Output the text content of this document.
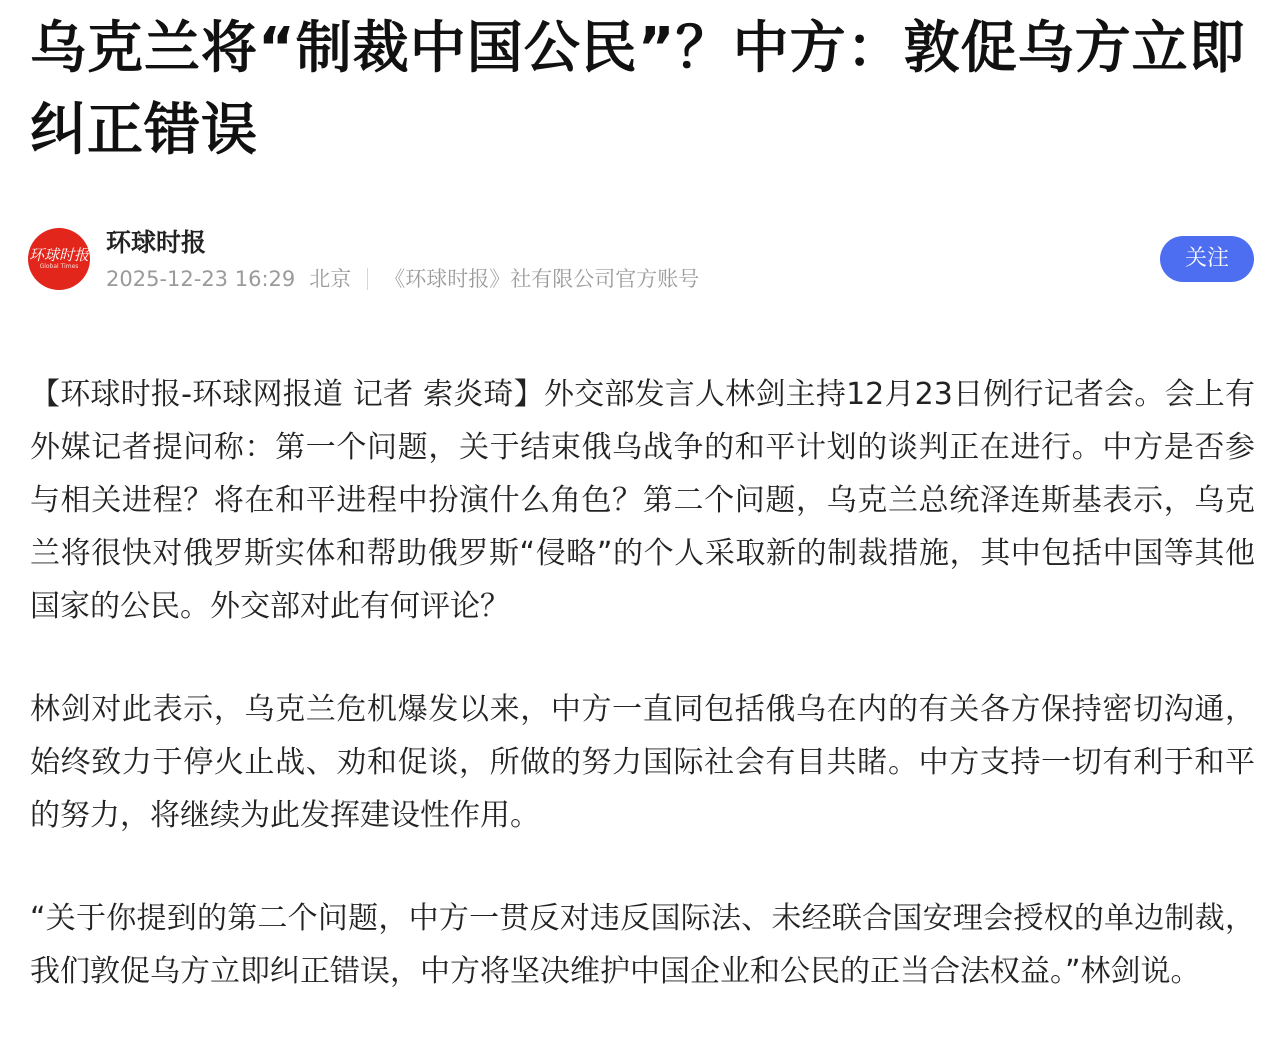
乌克兰将“制裁中国公民”？中方：敦促乌方立即纠正错误
环球时报
Global Times
环球时报
2025-12-23 16:29 北京 《环球时报》社有限公司官方账号
关注

【环球时报-环球网报道 记者 索炎琦】外交部发言人林剑主持12月23日例行记者会。会上有外媒记者提问称：第一个问题，关于结束俄乌战争的和平计划的谈判正在进行。中方是否参与相关进程？将在和平进程中扮演什么角色？第二个问题，乌克兰总统泽连斯基表示，乌克兰将很快对俄罗斯实体和帮助俄罗斯“侵略”的个人采取新的制裁措施，其中包括中国等其他国家的公民。外交部对此有何评论？

林剑对此表示，乌克兰危机爆发以来，中方一直同包括俄乌在内的有关各方保持密切沟通，始终致力于停火止战、劝和促谈，所做的努力国际社会有目共睹。中方支持一切有利于和平的努力，将继续为此发挥建设性作用。

“关于你提到的第二个问题，中方一贯反对违反国际法、未经联合国安理会授权的单边制裁，我们敦促乌方立即纠正错误，中方将坚决维护中国企业和公民的正当合法权益。”林剑说。
